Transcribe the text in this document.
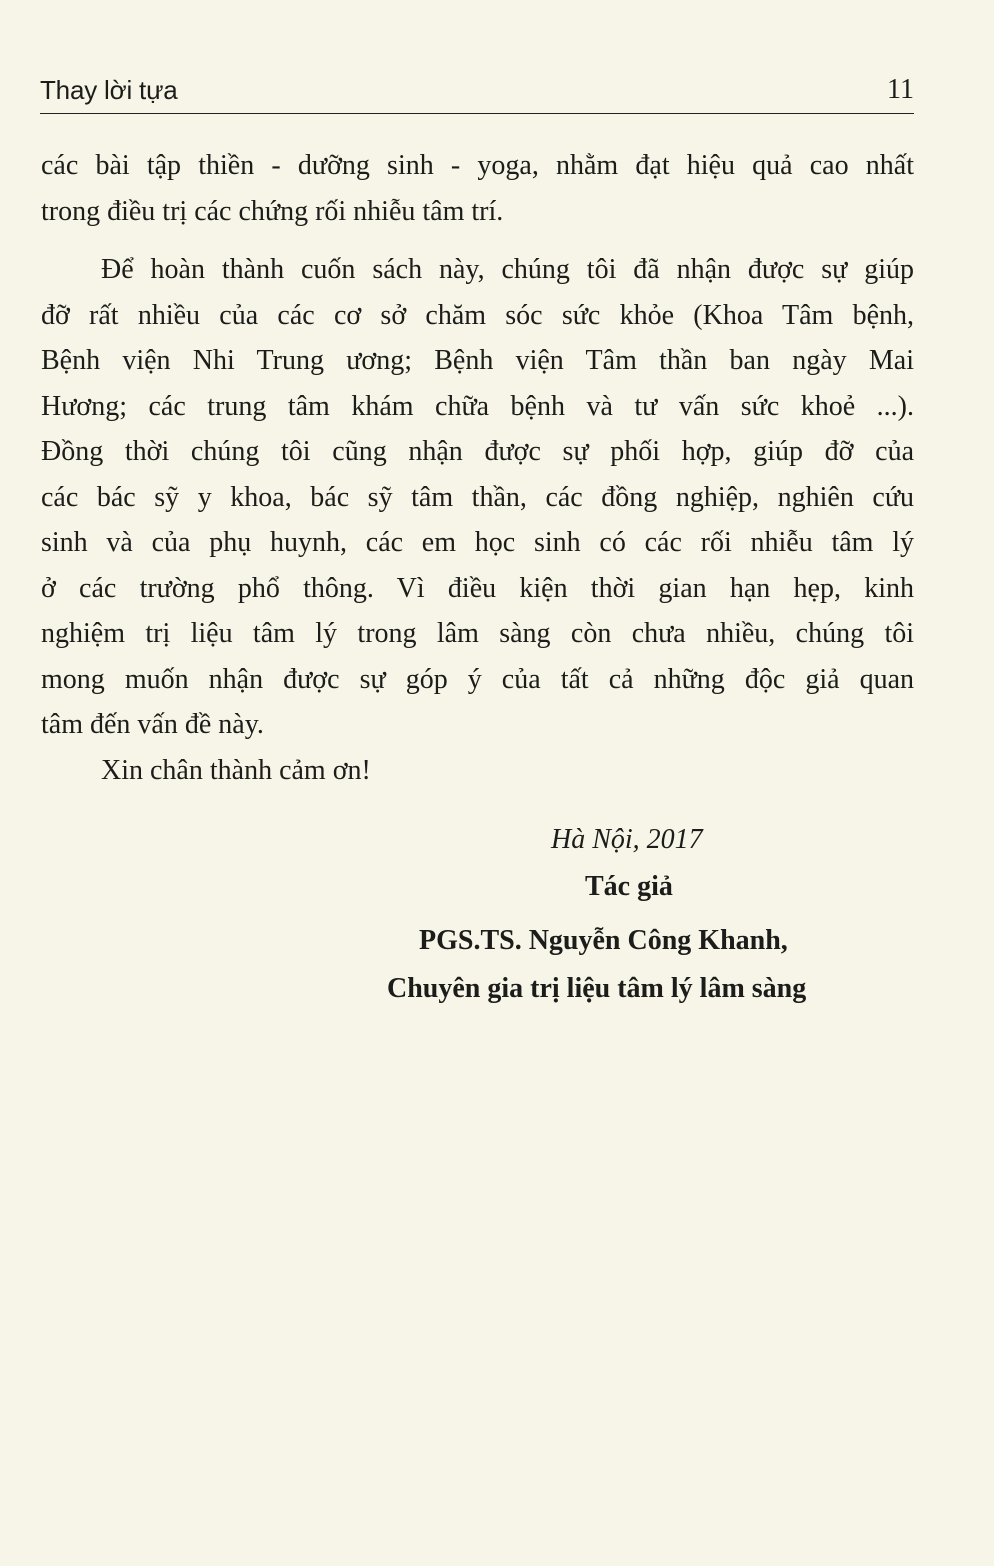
Thay lời tựa	11
các bài tập thiền - dưỡng sinh - yoga, nhằm đạt hiệu quả cao nhất
trong điều trị các chứng rối nhiễu tâm trí.
Để hoàn thành cuốn sách này, chúng tôi đã nhận được sự giúp
đỡ rất nhiều của các cơ sở chăm sóc sức khỏe (Khoa Tâm bệnh,
Bệnh viện Nhi Trung ương; Bệnh viện Tâm thần ban ngày Mai
Hương; các trung tâm khám chữa bệnh và tư vấn sức khoẻ ...).
Đồng thời chúng tôi cũng nhận được sự phối hợp, giúp đỡ của
các bác sỹ y khoa, bác sỹ tâm thần, các đồng nghiệp, nghiên cứu
sinh và của phụ huynh, các em học sinh có các rối nhiễu tâm lý
ở các trường phổ thông. Vì điều kiện thời gian hạn hẹp, kinh
nghiệm trị liệu tâm lý trong lâm sàng còn chưa nhiều, chúng tôi
mong muốn nhận được sự góp ý của tất cả những độc giả quan
tâm đến vấn đề này.
Xin chân thành cảm ơn!
Hà Nội, 2017
Tác giả
PGS.TS. Nguyễn Công Khanh,
Chuyên gia trị liệu tâm lý lâm sàng
